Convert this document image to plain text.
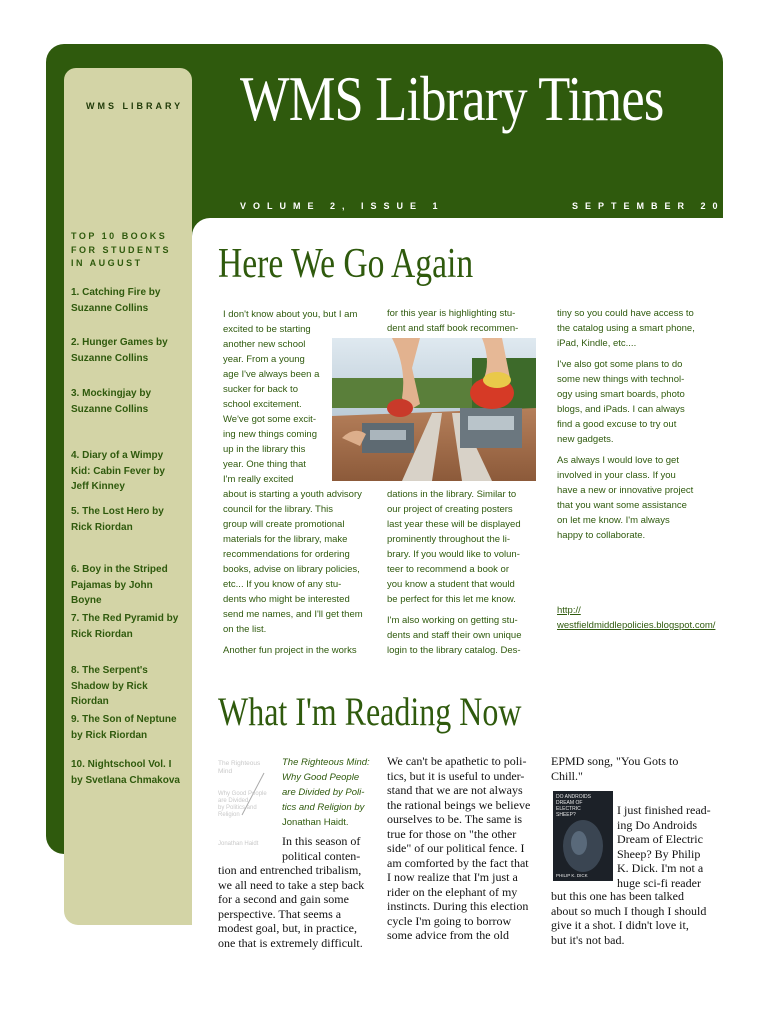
WMS LIBRARY WMS Library Times
VOLUME 2, ISSUE 1	SEPTEMBER 2012
TOP 10 BOOKS FOR STUDENTS IN AUGUST
1. Catching Fire by Suzanne Collins
2. Hunger Games by Suzanne Collins
3. Mockingjay by Suzanne Collins
4. Diary of a Wimpy Kid: Cabin Fever by Jeff Kinney
5. The Lost Hero by Rick Riordan
6. Boy in the Striped Pajamas by John Boyne
7. The Red Pyramid by Rick Riordan
8. The Serpent's Shadow by Rick Riordan
9. The Son of Neptune by Rick Riordan
10. Nightschool Vol. I by Svetlana Chmakova
Here We Go Again
I don't know about you, but I am
excited to be starting
another new school
year. From a young
age I've always been a
sucker for back to
school excitement.
We've got some excit-
ing new things coming
up in the library this
year. One thing that
I'm really excited
about is starting a youth advisory
council for the library. This
group will create promotional
materials for the library, make
recommendations for ordering
books, advise on library policies,
etc... If you know of any stu-
dents who might be interested
send me names, and I'll get them
on the list.
Another fun project in the works
for this year is highlighting stu-
dent and staff book recommen-
dations in the library. Similar to
our project of creating posters
last year these will be displayed
prominently throughout the li-
brary. If you would like to volun-
teer to recommend a book or
you know a student that would
be perfect for this let me know.
I'm also working on getting stu-
dents and staff their own unique
login to the library catalog. Des-
tiny so you could have access to
the catalog using a smart phone,
iPad, Kindle, etc....
I've also got some plans to do
some new things with technol-
ogy using smart boards, photo
blogs, and iPads. I can always
find a good excuse to try out
new gadgets.
As always I would love to get
involved in your class. If you
have a new or innovative project
that you want some assistance
on let me know. I'm always
happy to collaborate.
http://
westfieldmiddlepolicies.blogspot.com/
What I'm Reading Now
The Righteous
Mind
Why Good People
are Divided
by Politics and
Religion
Jonathan Haidt
The Righteous Mind:
Why Good People
are Divided by Poli-
tics and Religion by
Jonathan Haidt.
In this season of
political conten-
tion and entrenched tribalism,
we all need to take a step back
for a second and gain some
perspective. That seems a
modest goal, but, in practice,
one that is extremely difficult.
We can't be apathetic to poli-
tics, but it is useful to under-
stand that we are not always
the rational beings we believe
ourselves to be. The same is
true for those on "the other
side" of our political fence. I
am comforted by the fact that
I now realize that I'm just a
rider on the elephant of my
instincts. During this election
cycle I'm going to borrow
some advice from the old
EPMD song, "You Gots to
Chill."
DO ANDROIDS
DREAM OF
ELECTRIC
SHEEP?
PHILIP K. DICK
I just finished read-
ing Do Androids
Dream of Electric
Sheep? By Philip
K. Dick. I'm not a
huge sci-fi reader
but this one has been talked
about so much I though I should
give it a shot. I didn't love it,
but it's not bad.
